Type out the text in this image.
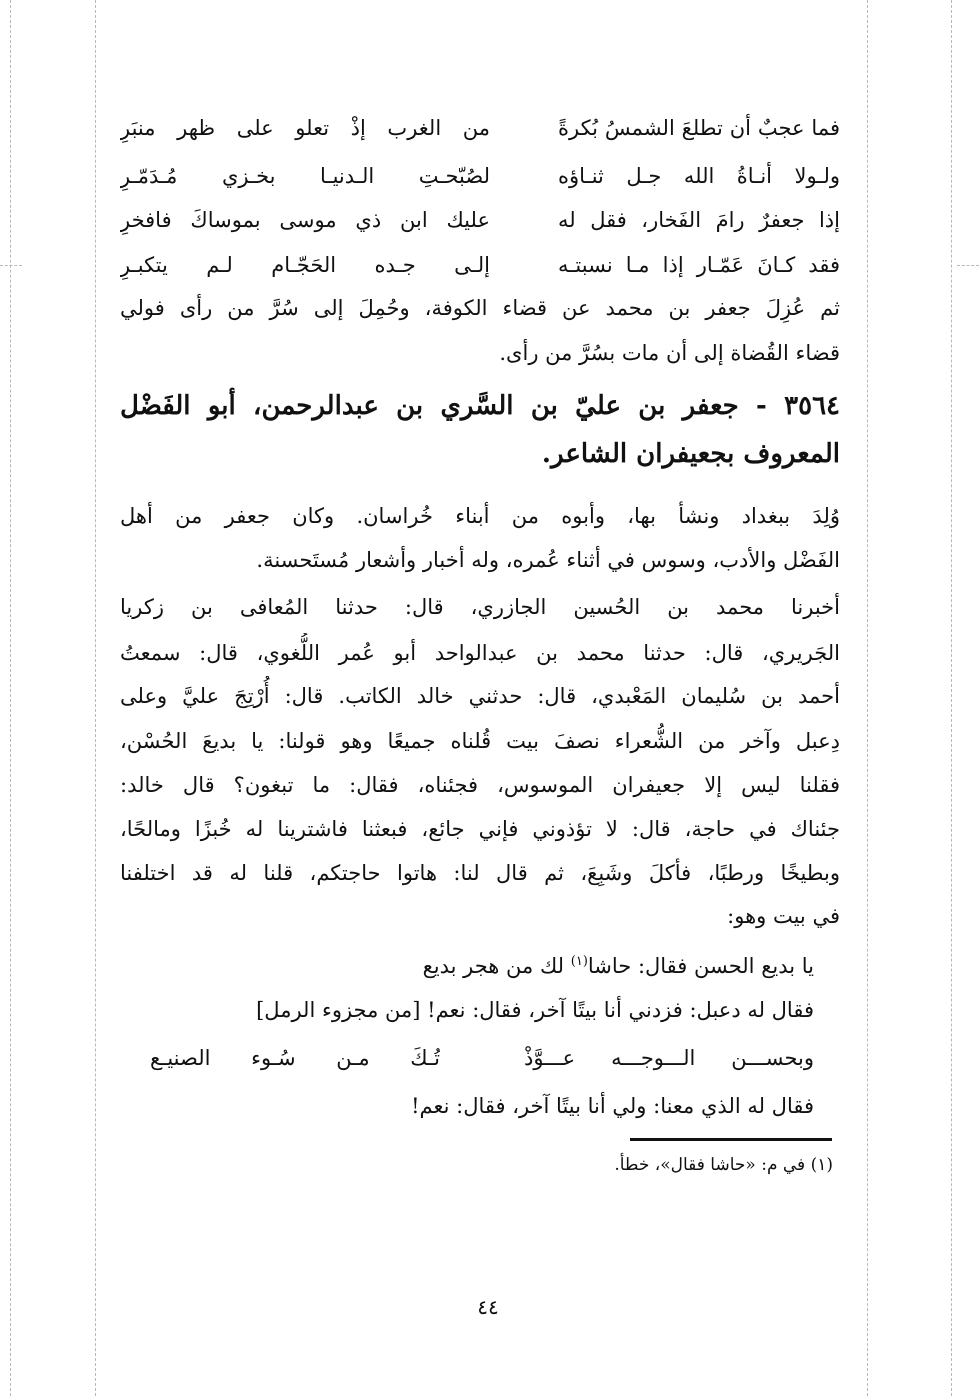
فما عجبٌ أن تطلعَ الشمسُ بُكرةً
من الغرب إذْ تعلو على ظهر منبَرِ
ولـولا أنـاةُ الله جـل ثنـاؤه
لصُبّحـتِ الـدنيـا بخـزي مُـدَمّـرِ
إذا جعفرٌ رامَ الفَخار، فقل له
عليك ابن ذي موسى بموساكَ فافخرِ
فقد كـانَ عَمّـار إذا مـا نسبتـه
إلـى جـده الحَجّـام لـم يتكبـرِ
ثم عُزِلَ جعفر بن محمد عن قضاء الكوفة، وحُمِلَ إلى سُرَّ من رأى فولي
قضاء القُضاة إلى أن مات بسُرَّ من رأى.
٣٥٦٤ - جعفر بن عليّ بن السَّري بن عبدالرحمن، أبو الفَضْل
المعروف بجعيفران الشاعر.
وُلِدَ ببغداد ونشأ بها، وأبوه من أبناء خُراسان. وكان جعفر من أهل
الفَضْل والأدب، وسوس في أثناء عُمره، وله أخبار وأشعار مُستَحسنة.
أخبرنا محمد بن الحُسين الجازري، قال: حدثنا المُعافى بن زكريا
الجَريري، قال: حدثنا محمد بن عبدالواحد أبو عُمر اللُّغوي، قال: سمعتُ
أحمد بن سُليمان المَعْبدي، قال: حدثني خالد الكاتب. قال: أُرْتِجَ عليَّ وعلى
دِعبل وآخر من الشُّعراء نصفَ بيت قُلناه جميعًا وهو قولنا: يا بديعَ الحُسْن،
فقلنا ليس إلا جعيفران الموسوس، فجئناه، فقال: ما تبغون؟ قال خالد:
جئناك في حاجة، قال: لا تؤذوني فإني جائع، فبعثنا فاشترينا له خُبزًا ومالحًا،
وبطيخًا ورطبًا، فأكلَ وشَبِعَ، ثم قال لنا: هاتوا حاجتكم، قلنا له قد اختلفنا
في بيت وهو:
يا بديع الحسن فقال: حاشا$^{(١)}$ لك من هجر بديع
فقال له دعبل: فزدني أنا بيتًا آخر، فقال: نعم! [من مجزوء الرمل]
وبحســـن الـــوجـــه عـــوَّذْ
تُـكَ مـن سُـوء الصنيـع
فقال له الذي معنا: ولي أنا بيتًا آخر، فقال: نعم!
(١) في م: «حاشا فقال»، خطأ.
٤٤
